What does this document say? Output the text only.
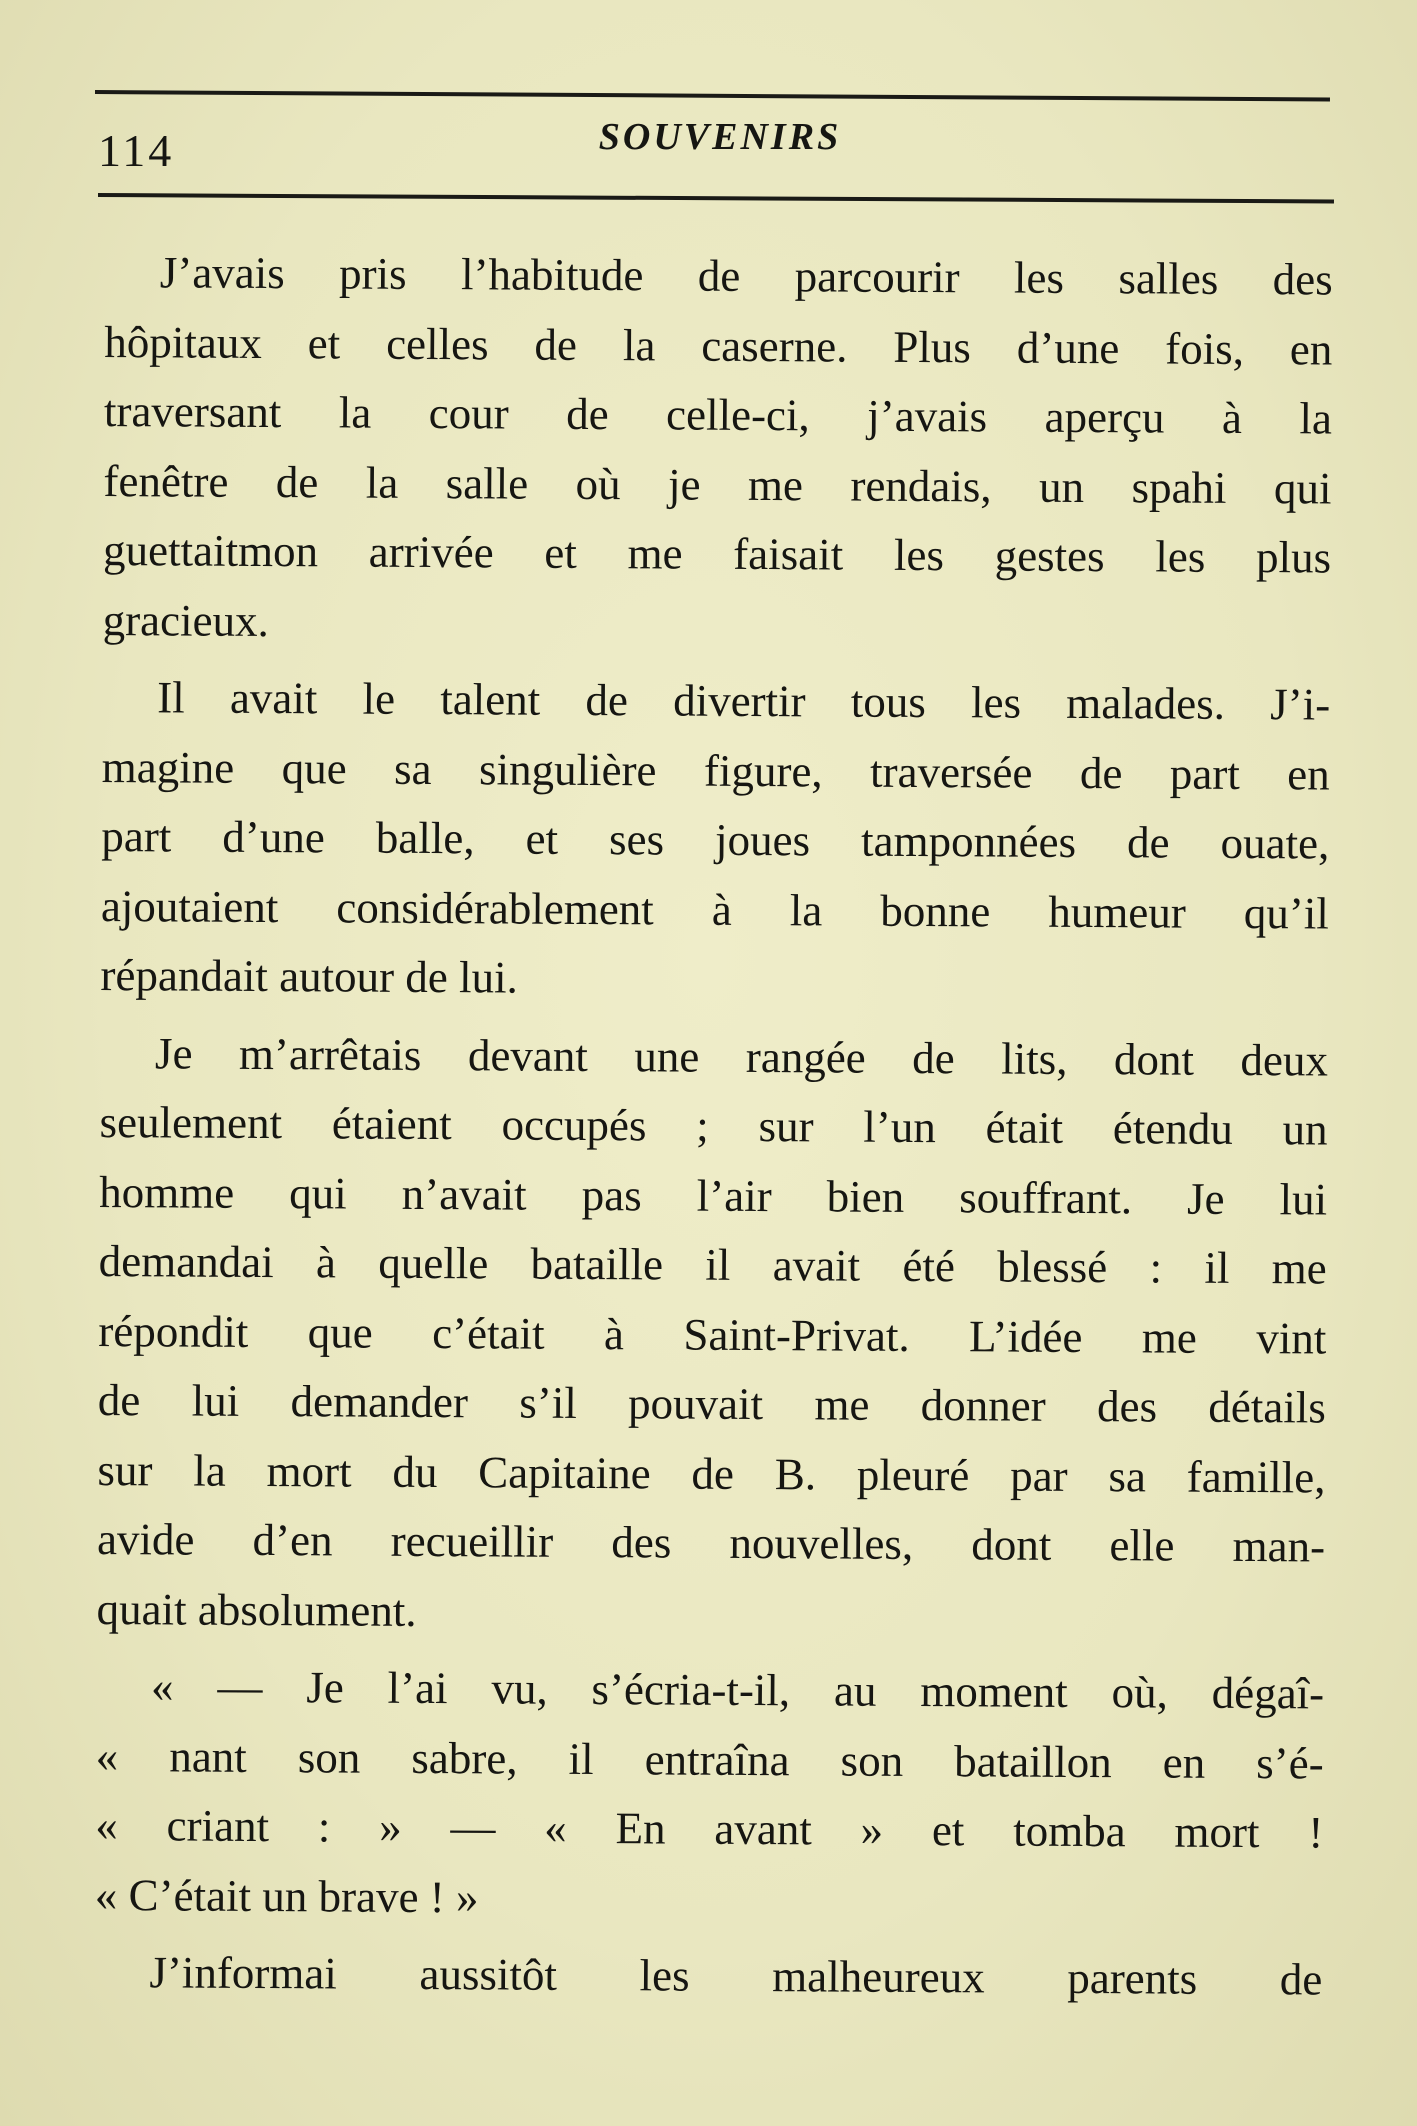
114	SOUVENIRS
J’avais pris l’habitude de parcourir les salles des
hôpitaux et celles de la caserne. Plus d’une fois, en
traversant la cour de celle-ci, j’avais aperçu à la
fenêtre de la salle où je me rendais, un spahi qui
guettaitmon arrivée et me faisait les gestes les plus
gracieux.
Il avait le talent de divertir tous les malades. J’i-
magine que sa singulière figure, traversée de part en
part d’une balle, et ses joues tamponnées de ouate,
ajoutaient considérablement à la bonne humeur qu’il
répandait autour de lui.
Je m’arrêtais devant une rangée de lits, dont deux
seulement étaient occupés ; sur l’un était étendu un
homme qui n’avait pas l’air bien souffrant. Je lui
demandai à quelle bataille il avait été blessé : il me
répondit que c’était à Saint-Privat. L’idée me vint
de lui demander s’il pouvait me donner des détails
sur la mort du Capitaine de B. pleuré par sa famille,
avide d’en recueillir des nouvelles, dont elle man-
quait absolument.
« — Je l’ai vu, s’écria-t-il, au moment où, dégaî-
« nant son sabre, il entraîna son bataillon en s’é-
« criant : » — « En avant » et tomba mort !
« C’était un brave ! »
J’informai aussitôt les malheureux parents de
